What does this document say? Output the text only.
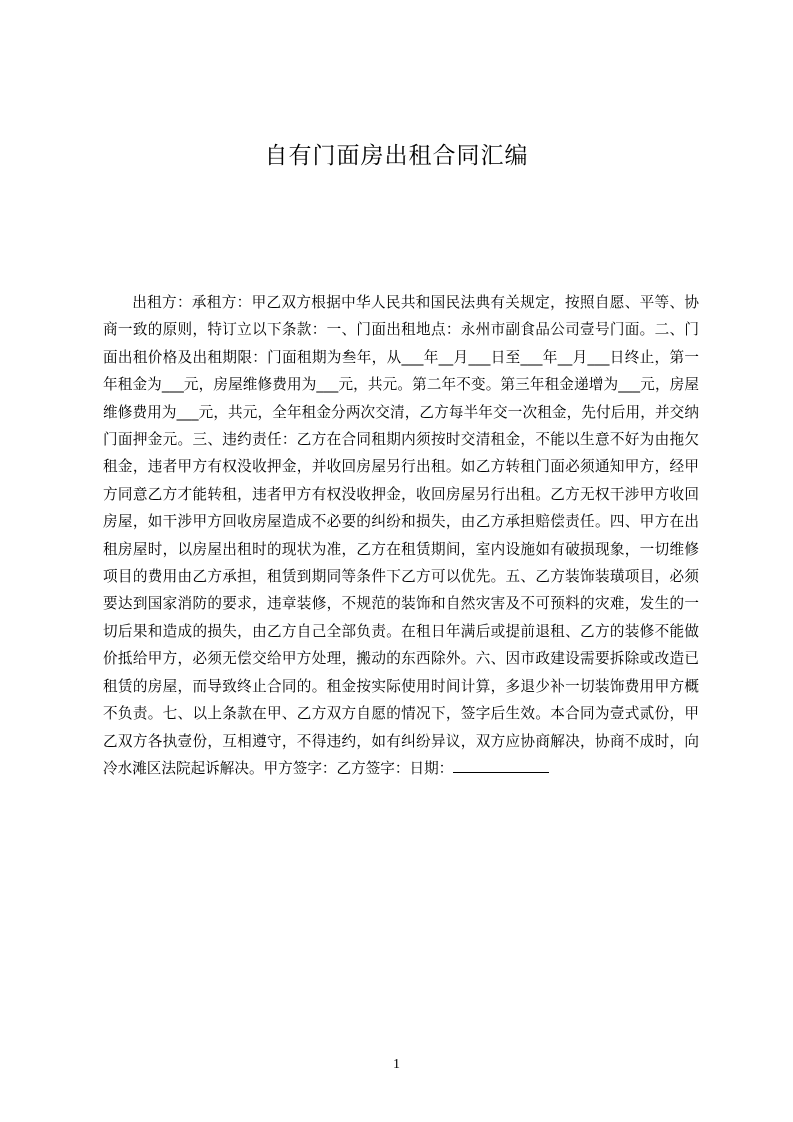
自有门面房出租合同汇编

出租方：承租方：甲乙双方根据中华人民共和国民法典有关规定，按照自愿、平等、协商一致的原则，特订立以下条款：一、门面出租地点：永州市副食品公司壹号门面。二、门面出租价格及出租期限：门面租期为叁年，从___年__月___日至___年__月___日终止，第一年租金为___元，房屋维修费用为___元，共元。第二年不变。第三年租金递增为___元，房屋维修费用为___元，共元，全年租金分两次交清，乙方每半年交一次租金，先付后用，并交纳门面押金元。三、违约责任：乙方在合同租期内须按时交清租金，不能以生意不好为由拖欠租金，违者甲方有权没收押金，并收回房屋另行出租。如乙方转租门面必须通知甲方，经甲方同意乙方才能转租，违者甲方有权没收押金，收回房屋另行出租。乙方无权干涉甲方收回房屋，如干涉甲方回收房屋造成不必要的纠纷和损失，由乙方承担赔偿责任。四、甲方在出租房屋时，以房屋出租时的现状为准，乙方在租赁期间，室内设施如有破损现象，一切维修项目的费用由乙方承担，租赁到期同等条件下乙方可以优先。五、乙方装饰装璜项目，必须要达到国家消防的要求，违章装修，不规范的装饰和自然灾害及不可预料的灾难，发生的一切后果和造成的损失，由乙方自己全部负责。在租日年满后或提前退租、乙方的装修不能做价抵给甲方，必须无偿交给甲方处理，搬动的东西除外。六、因市政建设需要拆除或改造已租赁的房屋，而导致终止合同的。租金按实际使用时间计算，多退少补一切装饰费用甲方概不负责。七、以上条款在甲、乙方双方自愿的情况下，签字后生效。本合同为壹式贰份，甲乙双方各执壹份，互相遵守，不得违约，如有纠纷异议，双方应协商解决，协商不成时，向冷水滩区法院起诉解决。甲方签字：乙方签字：日期：

1
